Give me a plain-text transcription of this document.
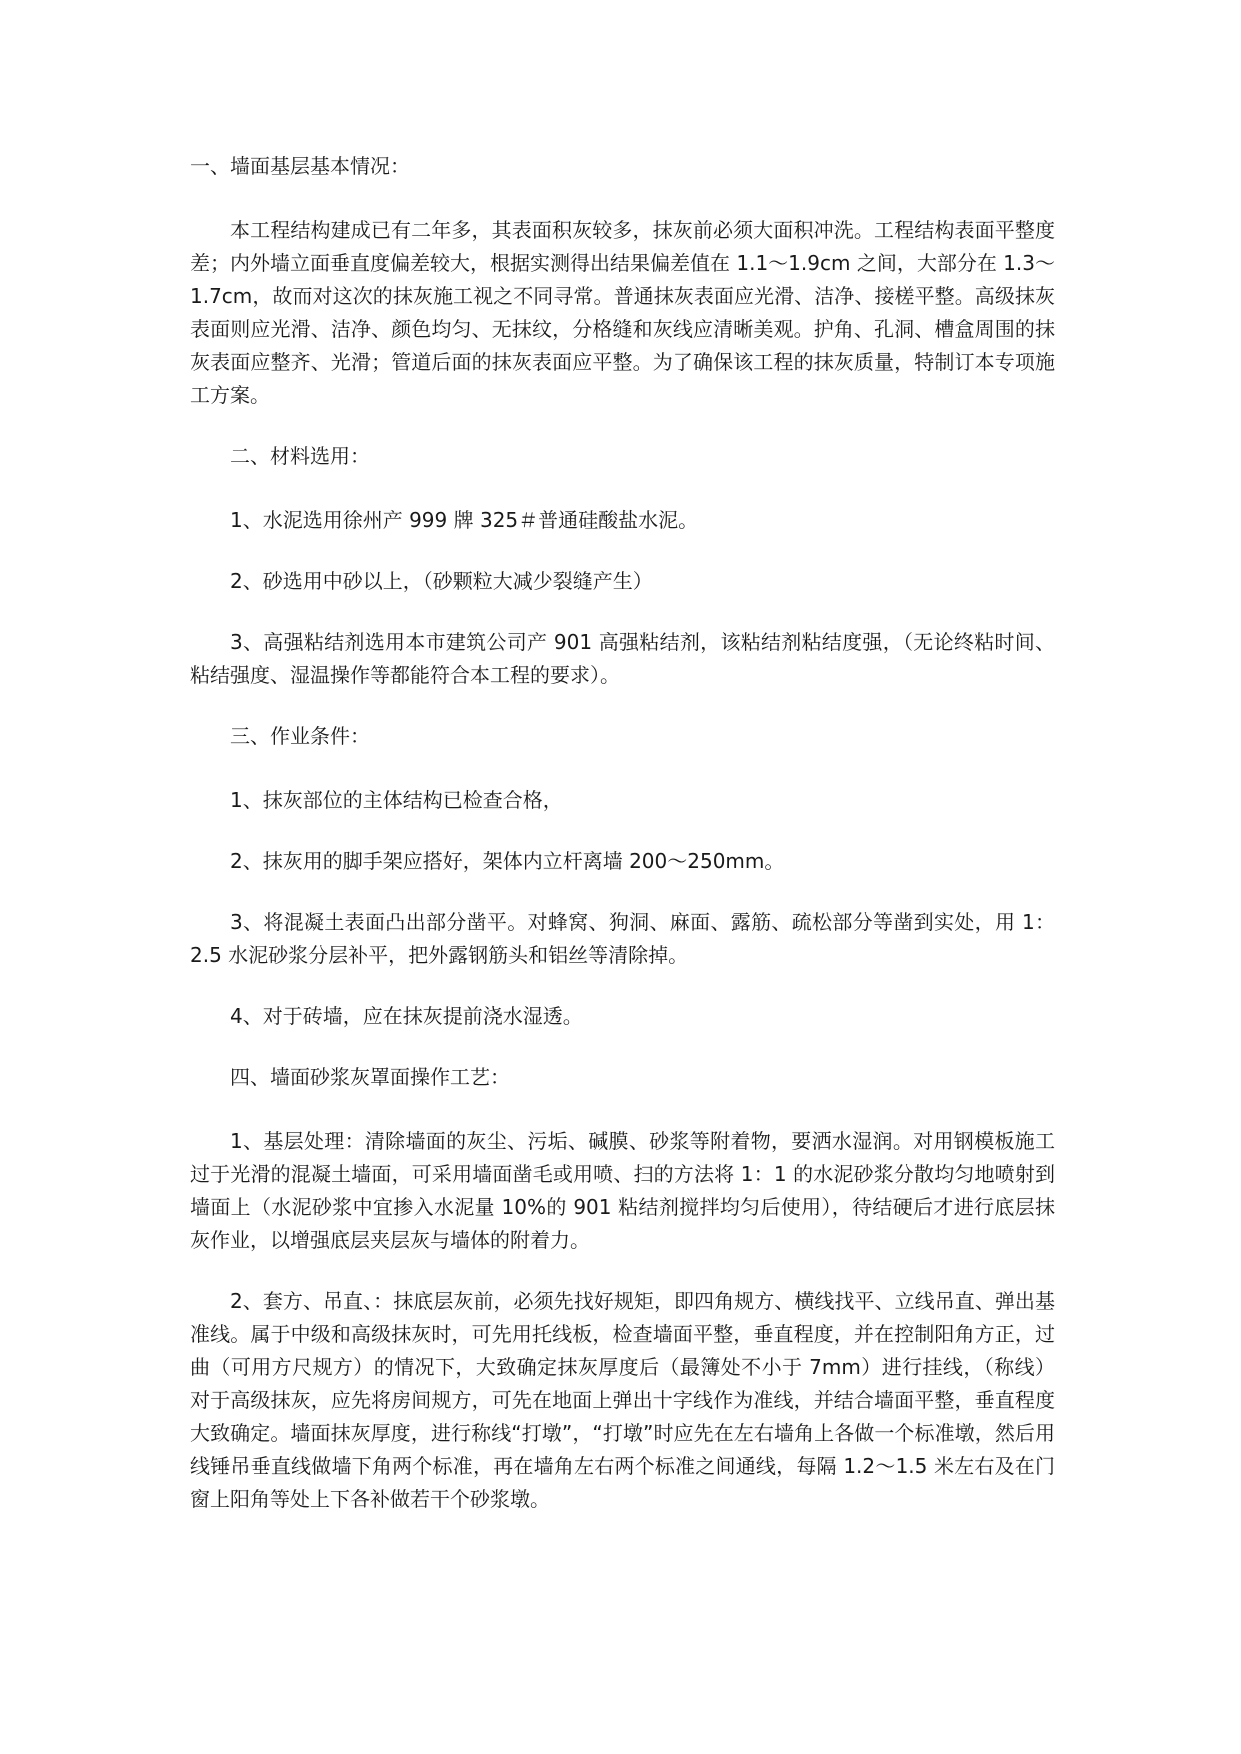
一、墙面基层基本情况：

本工程结构建成已有二年多，其表面积灰较多，抹灰前必须大面积冲洗。工程结构表面平整度差；内外墙立面垂直度偏差较大，根据实测得出结果偏差值在 1.1～1.9cm 之间，大部分在 1.3～1.7cm，故而对这次的抹灰施工视之不同寻常。普通抹灰表面应光滑、洁净、接槎平整。高级抹灰表面则应光滑、洁净、颜色均匀、无抹纹，分格缝和灰线应清晰美观。护角、孔洞、槽盒周围的抹灰表面应整齐、光滑；管道后面的抹灰表面应平整。为了确保该工程的抹灰质量，特制订本专项施工方案。

二、材料选用：

1、水泥选用徐州产 999 牌 325＃普通硅酸盐水泥。

2、砂选用中砂以上，（砂颗粒大减少裂缝产生）

3、高强粘结剂选用本市建筑公司产 901 高强粘结剂，该粘结剂粘结度强，（无论终粘时间、粘结强度、湿温操作等都能符合本工程的要求）。

三、作业条件：

1、抹灰部位的主体结构已检查合格，

2、抹灰用的脚手架应搭好，架体内立杆离墙 200～250mm。

3、将混凝土表面凸出部分凿平。对蜂窝、狗洞、麻面、露筋、疏松部分等凿到实处，用 1：2.5 水泥砂浆分层补平，把外露钢筋头和铝丝等清除掉。

4、对于砖墙，应在抹灰提前浇水湿透。

四、墙面砂浆灰罩面操作工艺：

1、基层处理：清除墙面的灰尘、污垢、碱膜、砂浆等附着物，要洒水湿润。对用钢模板施工过于光滑的混凝土墙面，可采用墙面凿毛或用喷、扫的方法将 1：1 的水泥砂浆分散均匀地喷射到墙面上（水泥砂浆中宜掺入水泥量 10%的 901 粘结剂搅拌均匀后使用），待结硬后才进行底层抹灰作业，以增强底层夹层灰与墙体的附着力。

2、套方、吊直、：抹底层灰前，必须先找好规矩，即四角规方、横线找平、立线吊直、弹出基准线。属于中级和高级抹灰时，可先用托线板，检查墙面平整，垂直程度，并在控制阳角方正，过曲（可用方尺规方）的情况下，大致确定抹灰厚度后（最簿处不小于 7mm）进行挂线，（称线）对于高级抹灰，应先将房间规方，可先在地面上弹出十字线作为准线，并结合墙面平整，垂直程度大致确定。墙面抹灰厚度，进行称线“打墩”，“打墩”时应先在左右墙角上各做一个标准墩，然后用线锤吊垂直线做墙下角两个标准，再在墙角左右两个标准之间通线，每隔 1.2～1.5 米左右及在门窗上阳角等处上下各补做若干个砂浆墩。
